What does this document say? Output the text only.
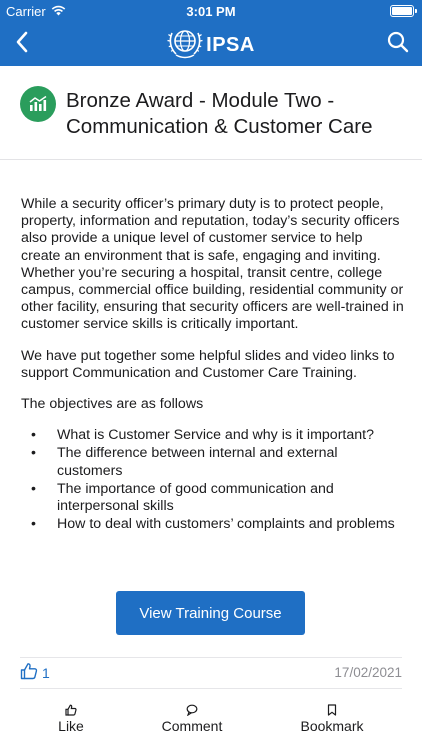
Carrier	3:01 PM
IPSA
Bronze Award - Module Two - Communication & Customer Care

While a security officer’s primary duty is to protect people, property, information and reputation, today’s security officers also provide a unique level of customer service to help create an environment that is safe, engaging and inviting. Whether you’re securing a hospital, transit centre, college campus, commercial office building, residential community or other facility, ensuring that security officers are well-trained in customer service skills is critically important.

We have put together some helpful slides and video links to support Communication and Customer Care Training.

The objectives are as follows

• What is Customer Service and why is it important?
• The difference between internal and external customers
• The importance of good communication and interpersonal skills
• How to deal with customers’ complaints and problems
View Training Course
1	17/02/2021
Like	Comment	Bookmark
